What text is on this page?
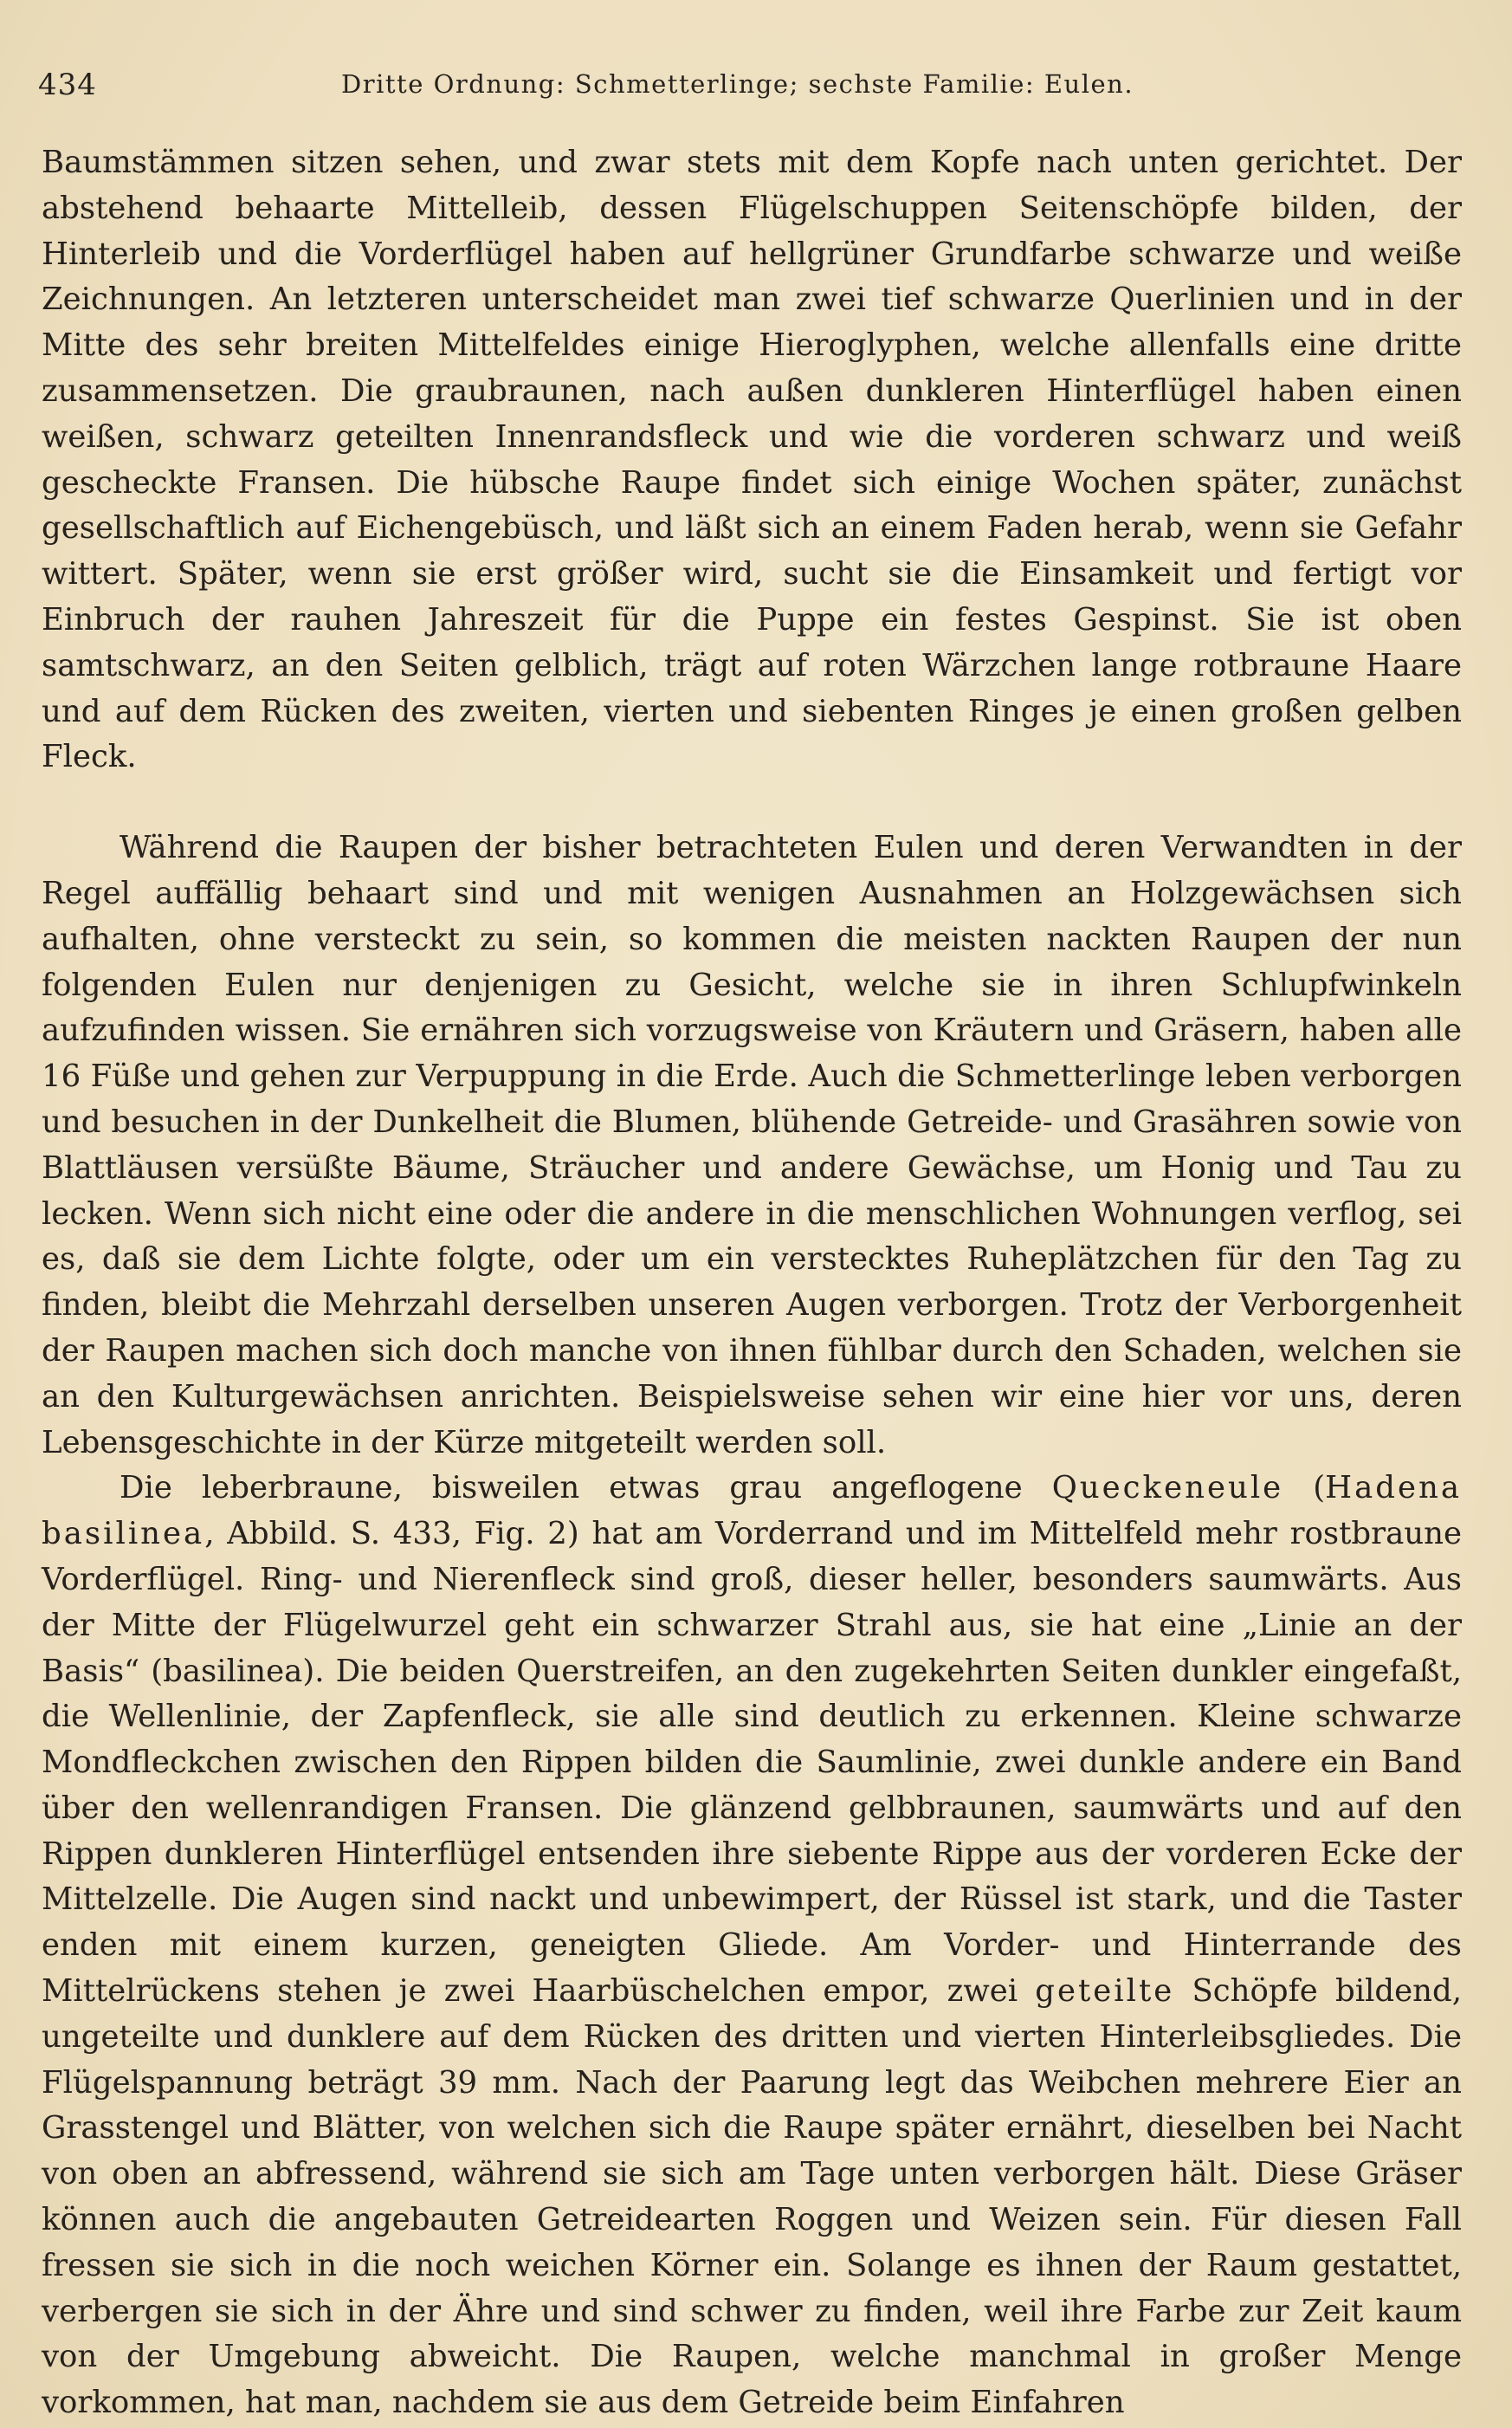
434	Dritte Ordnung: Schmetterlinge; sechste Familie: Eulen.

Baumstämmen sitzen sehen, und zwar stets mit dem Kopfe nach unten gerichtet. Der abstehend behaarte Mittelleib, dessen Flügelschuppen Seitenschöpfe bilden, der Hinterleib und die Vorderflügel haben auf hellgrüner Grundfarbe schwarze und weiße Zeichnungen. An letzteren unterscheidet man zwei tief schwarze Querlinien und in der Mitte des sehr breiten Mittelfeldes einige Hieroglyphen, welche allenfalls eine dritte zusammensetzen. Die graubraunen, nach außen dunkleren Hinterflügel haben einen weißen, schwarz geteilten Innenrandsfleck und wie die vorderen schwarz und weiß gescheckte Fransen. Die hübsche Raupe findet sich einige Wochen später, zunächst gesellschaftlich auf Eichengebüsch, und läßt sich an einem Faden herab, wenn sie Gefahr wittert. Später, wenn sie erst größer wird, sucht sie die Einsamkeit und fertigt vor Einbruch der rauhen Jahreszeit für die Puppe ein festes Gespinst. Sie ist oben samtschwarz, an den Seiten gelblich, trägt auf roten Wärzchen lange rotbraune Haare und auf dem Rücken des zweiten, vierten und siebenten Ringes je einen großen gelben Fleck.

Während die Raupen der bisher betrachteten Eulen und deren Verwandten in der Regel auffällig behaart sind und mit wenigen Ausnahmen an Holzgewächsen sich aufhalten, ohne versteckt zu sein, so kommen die meisten nackten Raupen der nun folgenden Eulen nur denjenigen zu Gesicht, welche sie in ihren Schlupfwinkeln aufzufinden wissen. Sie ernähren sich vorzugsweise von Kräutern und Gräsern, haben alle 16 Füße und gehen zur Verpuppung in die Erde. Auch die Schmetterlinge leben verborgen und besuchen in der Dunkelheit die Blumen, blühende Getreide- und Grasähren sowie von Blattläusen versüßte Bäume, Sträucher und andere Gewächse, um Honig und Tau zu lecken. Wenn sich nicht eine oder die andere in die menschlichen Wohnungen verflog, sei es, daß sie dem Lichte folgte, oder um ein verstecktes Ruheplätzchen für den Tag zu finden, bleibt die Mehrzahl derselben unseren Augen verborgen. Trotz der Verborgenheit der Raupen machen sich doch manche von ihnen fühlbar durch den Schaden, welchen sie an den Kulturgewächsen anrichten. Beispielsweise sehen wir eine hier vor uns, deren Lebensgeschichte in der Kürze mitgeteilt werden soll.

Die leberbraune, bisweilen etwas grau angeflogene Queckeneule (Hadena basilinea, Abbild. S. 433, Fig. 2) hat am Vorderrand und im Mittelfeld mehr rostbraune Vorderflügel. Ring- und Nierenfleck sind groß, dieser heller, besonders saumwärts. Aus der Mitte der Flügelwurzel geht ein schwarzer Strahl aus, sie hat eine „Linie an der Basis“ (basilinea). Die beiden Querstreifen, an den zugekehrten Seiten dunkler eingefaßt, die Wellenlinie, der Zapfenfleck, sie alle sind deutlich zu erkennen. Kleine schwarze Mondfleckchen zwischen den Rippen bilden die Saumlinie, zwei dunkle andere ein Band über den wellenrandigen Fransen. Die glänzend gelbbraunen, saumwärts und auf den Rippen dunkleren Hinterflügel entsenden ihre siebente Rippe aus der vorderen Ecke der Mittelzelle. Die Augen sind nackt und unbewimpert, der Rüssel ist stark, und die Taster enden mit einem kurzen, geneigten Gliede. Am Vorder- und Hinterrande des Mittelrückens stehen je zwei Haarbüschelchen empor, zwei geteilte Schöpfe bildend, ungeteilte und dunklere auf dem Rücken des dritten und vierten Hinterleibsgliedes. Die Flügelspannung beträgt 39 mm. Nach der Paarung legt das Weibchen mehrere Eier an Grasstengel und Blätter, von welchen sich die Raupe später ernährt, dieselben bei Nacht von oben an abfressend, während sie sich am Tage unten verborgen hält. Diese Gräser können auch die angebauten Getreidearten Roggen und Weizen sein. Für diesen Fall fressen sie sich in die noch weichen Körner ein. Solange es ihnen der Raum gestattet, verbergen sie sich in der Ähre und sind schwer zu finden, weil ihre Farbe zur Zeit kaum von der Umgebung abweicht. Die Raupen, welche manchmal in großer Menge vorkommen, hat man, nachdem sie aus dem Getreide beim Einfahren
